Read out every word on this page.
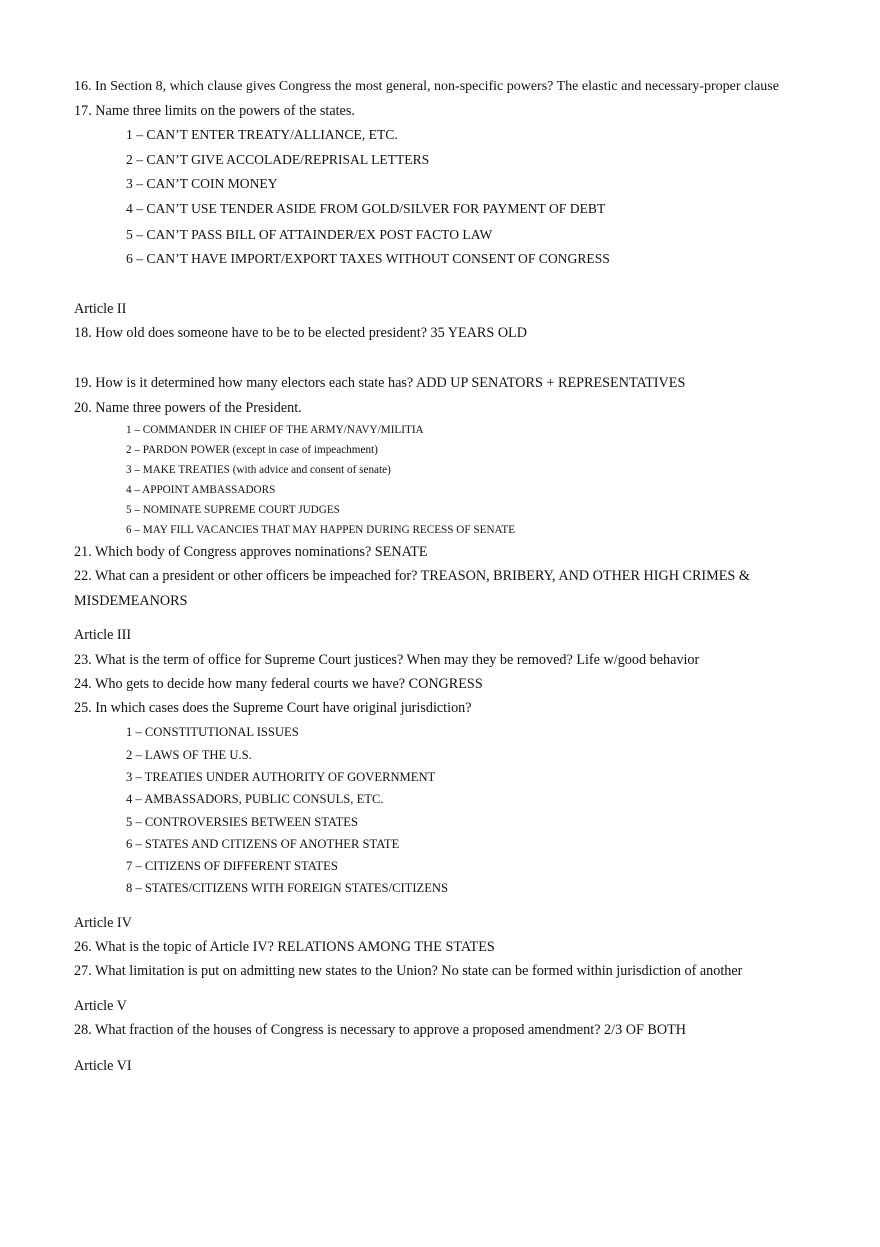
16. In Section 8, which clause gives Congress the most general, non-specific powers? The elastic and necessary-proper clause
17. Name three limits on the powers of the states.
1 – CAN’T ENTER TREATY/ALLIANCE, ETC.
2 – CAN’T GIVE ACCOLADE/REPRISAL LETTERS
3 – CAN’T COIN MONEY
4 – CAN’T USE TENDER ASIDE FROM GOLD/SILVER FOR PAYMENT OF DEBT
5 – CAN’T PASS BILL OF ATTAINDER/EX POST FACTO LAW
6 – CAN’T HAVE IMPORT/EXPORT TAXES WITHOUT CONSENT OF CONGRESS
Article II
18. How old does someone have to be to be elected president? 35 YEARS OLD
19. How is it determined how many electors each state has? ADD UP SENATORS + REPRESENTATIVES
20. Name three powers of the President.
1 – COMMANDER IN CHIEF OF THE ARMY/NAVY/MILITIA
2 – PARDON POWER (except in case of impeachment)
3 – MAKE TREATIES (with advice and consent of senate)
4 – APPOINT AMBASSADORS
5 – NOMINATE SUPREME COURT JUDGES
6 – MAY FILL VACANCIES THAT MAY HAPPEN DURING RECESS OF SENATE
21. Which body of Congress approves nominations? SENATE
22. What can a president or other officers be impeached for? TREASON, BRIBERY, AND OTHER HIGH CRIMES &
MISDEMEANORS
Article III
23. What is the term of office for Supreme Court justices? When may they be removed? Life w/good behavior
24. Who gets to decide how many federal courts we have? CONGRESS
25. In which cases does the Supreme Court have original jurisdiction?
1 – CONSTITUTIONAL ISSUES
2 – LAWS OF THE U.S.
3 – TREATIES UNDER AUTHORITY OF GOVERNMENT
4 – AMBASSADORS, PUBLIC CONSULS, ETC.
5 – CONTROVERSIES BETWEEN STATES
6 – STATES AND CITIZENS OF ANOTHER STATE
7 – CITIZENS OF DIFFERENT STATES
8 – STATES/CITIZENS WITH FOREIGN STATES/CITIZENS
Article IV
26. What is the topic of Article IV? RELATIONS AMONG THE STATES
27. What limitation is put on admitting new states to the Union? No state can be formed within jurisdiction of another
Article V
28. What fraction of the houses of Congress is necessary to approve a proposed amendment? 2/3 OF BOTH
Article VI
